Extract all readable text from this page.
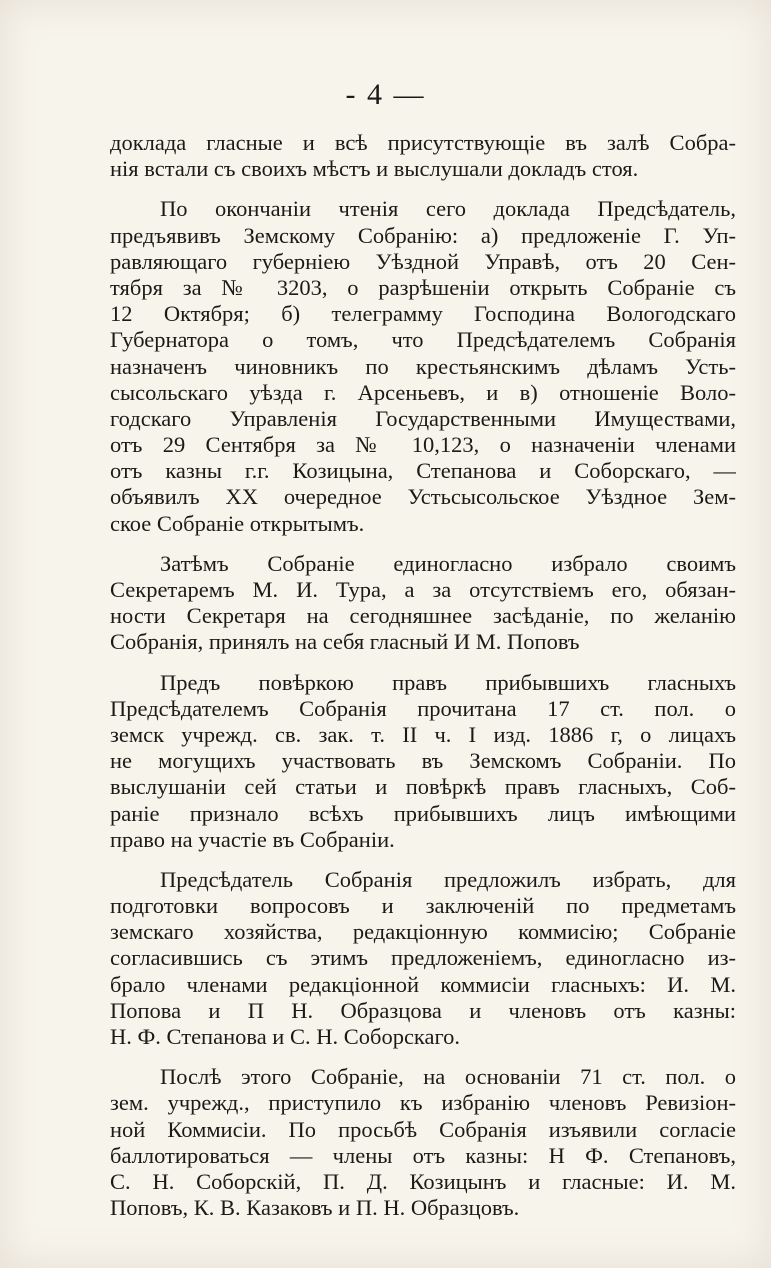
- 4 —
доклада гласные и всѣ присутствующіе въ залѣ Собра-
нія встали съ своихъ мѣстъ и выслушали докладъ стоя.
По окончаніи чтенія сего доклада Предсѣдатель,
предъявивъ Земскому Собранію: а) предложеніе Г. Уп-
равляющаго губерніею Уѣздной Управѣ, отъ 20 Сен-
тября за № 3203, о разрѣшеніи открыть Собраніе съ
12 Октября; б) телеграмму Господина Вологодскаго
Губернатора о томъ, что Предсѣдателемъ Собранія
назначенъ чиновникъ по крестьянскимъ дѣламъ Усть-
сысольскаго уѣзда г. Арсеньевъ, и в) отношеніе Воло-
годскаго Управленія Государственными Имуществами,
отъ 29 Сентября за № 10,123, о назначеніи членами
отъ казны г.г. Козицына, Степанова и Соборскаго, —
объявилъ XX очередное Устьсысольское Уѣздное Зем-
ское Собраніе открытымъ.
Затѣмъ Собраніе единогласно избрало своимъ
Секретаремъ М. И. Тура, а за отсутствіемъ его, обязан-
ности Секретаря на сегодняшнее засѣданіе, по желанію
Собранія, принялъ на себя гласный И М. Поповъ
Предъ повѣркою правъ прибывшихъ гласныхъ
Предсѣдателемъ Собранія прочитана 17 ст. пол. о
земск учрежд. св. зак. т. II ч. I изд. 1886 г, о лицахъ
не могущихъ участвовать въ Земскомъ Собраніи. По
выслушаніи сей статьи и повѣркѣ правъ гласныхъ, Соб-
раніе признало всѣхъ прибывшихъ лицъ имѣющими
право на участіе въ Собраніи.
Предсѣдатель Собранія предложилъ избрать, для
подготовки вопросовъ и заключеній по предметамъ
земскаго хозяйства, редакціонную коммисію; Собраніе
согласившись съ этимъ предложеніемъ, единогласно из-
брало членами редакціонной коммисіи гласныхъ: И. М.
Попова и П Н. Образцова и членовъ отъ казны:
Н. Ф. Степанова и С. Н. Соборскаго.
Послѣ этого Собраніе, на основаніи 71 ст. пол. о
зем. учрежд., приступило къ избранію членовъ Ревизіон-
ной Коммисіи. По просьбѣ Собранія изъявили согласіе
баллотироваться — члены отъ казны: Н Ф. Степановъ,
С. Н. Соборскій, П. Д. Козицынъ и гласные: И. М.
Поповъ, К. В. Казаковъ и П. Н. Образцовъ.
